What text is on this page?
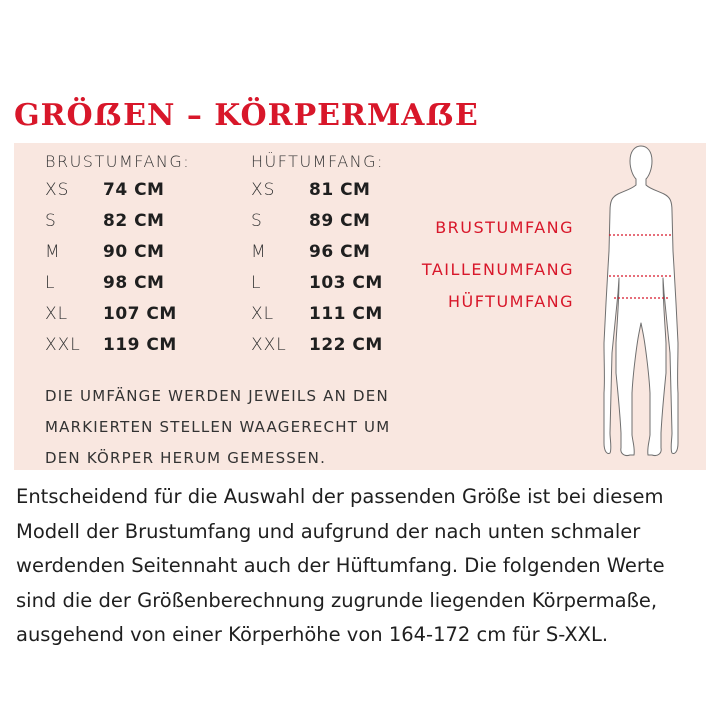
GRÖẞEN – KÖRPERMAẞE
BRUSTUMFANG:
XS 74 CM
S	82 CM
M 90 CM
L	98 CM
XL 107 CM
XXL 119 CM
HÜFTUMFANG:
XS 81 CM
S	89 CM
M 96 CM
L	103 CM
XL 111 CM
XXL 122 CM
DIE UMFÄNGE WERDEN JEWEILS AN DEN
MARKIERTEN STELLEN WAAGERECHT UM
DEN KÖRPER HERUM GEMESSEN.
BRUSTUMFANG
TAILLENUMFANG
HÜFTUMFANG
Entscheidend für die Auswahl der passenden Größe ist bei diesem
Modell der Brustumfang und aufgrund der nach unten schmaler
werdenden Seitennaht auch der Hüftumfang. Die folgenden Werte
sind die der Größenberechnung zugrunde liegenden Körpermaße,
ausgehend von einer Körperhöhe von 164-172 cm für S-XXL.
